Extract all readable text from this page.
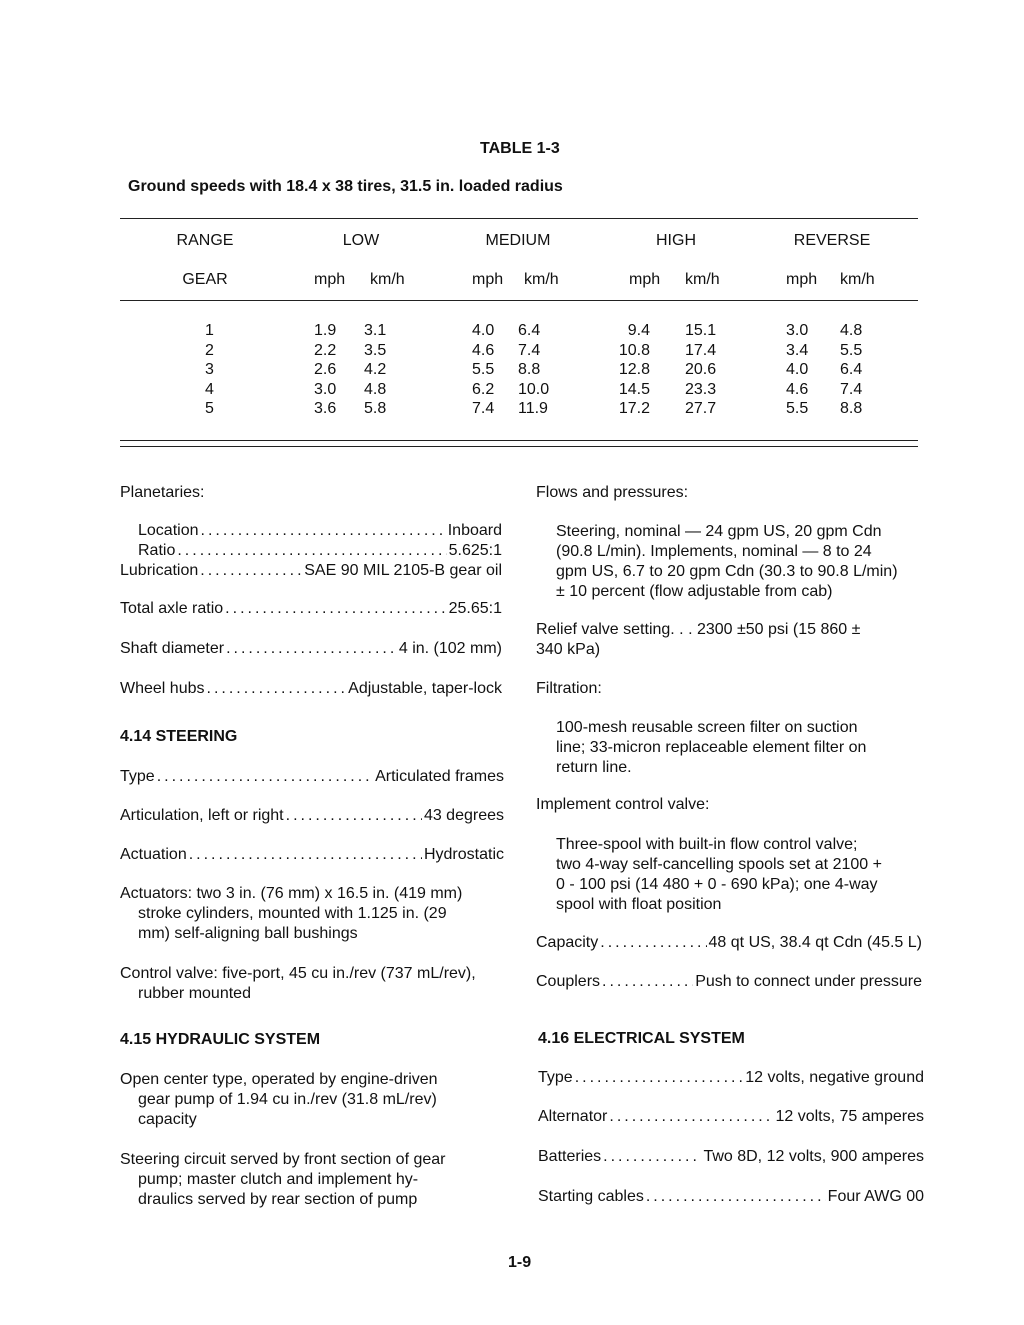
TABLE 1-3
Ground speeds with 18.4 x 38 tires, 31.5 in. loaded radius
RANGE	LOW	MEDIUM	HIGH	REVERSE
GEAR	mph km/h	mph km/h	mph km/h	mph km/h
1	1.9 3.1	4.0 6.4	9.4 15.1	3.0 4.8
2	2.2 3.5	4.6 7.4	10.8 17.4	3.4 5.5
3	2.6 4.2	5.5 8.8	12.8 20.6	4.0 6.4
4	3.0 4.8	6.2 10.0	14.5 23.3	4.6 7.4
5	3.6 5.8	7.4 11.9	17.2 27.7	5.5 8.8
Planetaries:
Location .....	Inboard
Ratio .....	5.625:1
Lubrication .....	SAE 90 MIL 2105-B gear oil
Total axle ratio .....	25.65:1
Shaft diameter .....	4 in. (102 mm)
Wheel hubs .....	Adjustable, taper-lock
4.14 STEERING
Type .....	Articulated frames
Articulation, left or right .....	43 degrees
Actuation .....	Hydrostatic
Actuators: two 3 in. (76 mm) x 16.5 in. (419 mm)
stroke cylinders, mounted with 1.125 in. (29
mm) self-aligning ball bushings
Control valve: five-port, 45 cu in./rev (737 mL/rev),
rubber mounted
4.15 HYDRAULIC SYSTEM
Open center type, operated by engine-driven
gear pump of 1.94 cu in./rev (31.8 mL/rev)
capacity
Steering circuit served by front section of gear
pump; master clutch and implement hy-
draulics served by rear section of pump
Flows and pressures:
Steering, nominal — 24 gpm US, 20 gpm Cdn
(90.8 L/min). Implements, nominal — 8 to 24
gpm US, 6.7 to 20 gpm Cdn (30.3 to 90.8 L/min)
± 10 percent (flow adjustable from cab)
Relief valve setting. . . 2300 ±50 psi (15 860 ±
340 kPa)
Filtration:
100-mesh reusable screen filter on suction
line; 33-micron replaceable element filter on
return line.
Implement control valve:
Three-spool with built-in flow control valve;
two 4-way self-cancelling spools set at 2100 +
0 - 100 psi (14 480 + 0 - 690 kPa); one 4-way
spool with float position
Capacity .....	48 qt US, 38.4 qt Cdn (45.5 L)
Couplers .....	Push to connect under pressure
4.16 ELECTRICAL SYSTEM
Type .....	12 volts, negative ground
Alternator .....	12 volts, 75 amperes
Batteries .....	Two 8D, 12 volts, 900 amperes
Starting cables .....	Four AWG 00
1-9
